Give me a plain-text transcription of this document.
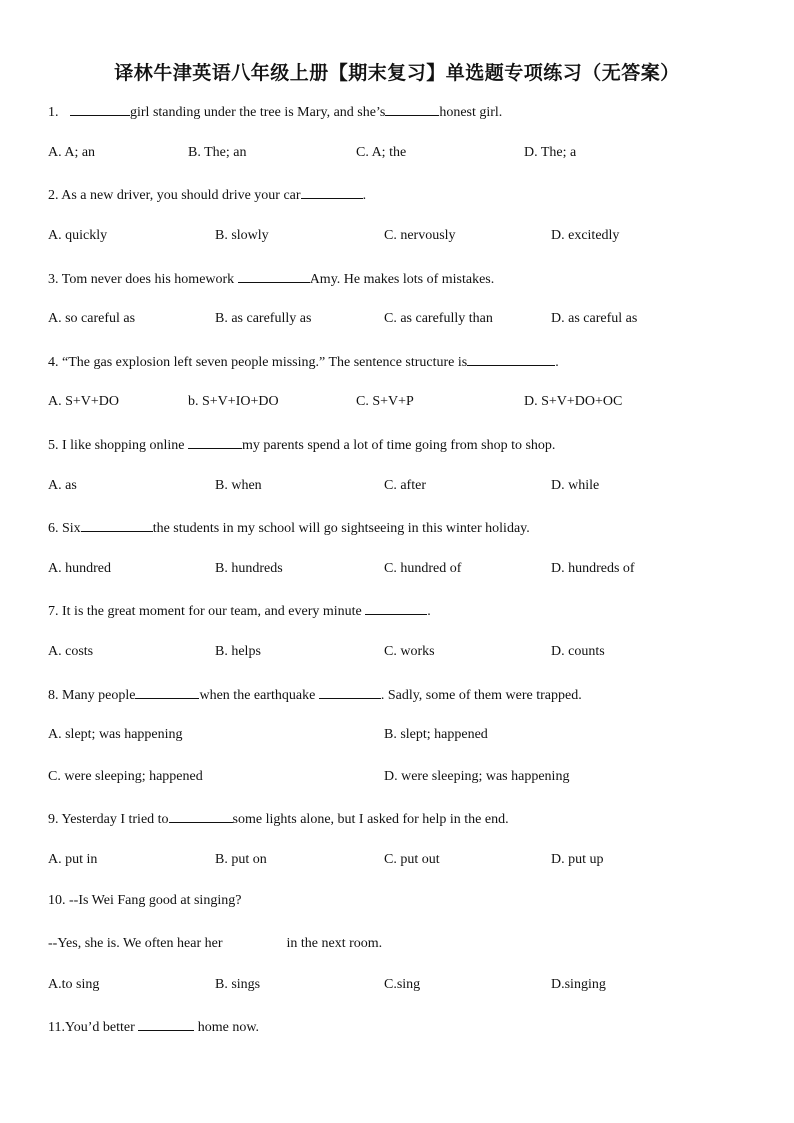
译林牛津英语八年级上册【期末复习】单选题专项练习（无答案）
1.	girl standing under the tree is Mary, and she’s	honest girl.
A. A; an	B. The; an	C. A; the	D. The; a
2. As a new driver, you should drive your car	.
A. quickly	B. slowly	C. nervously	D. excitedly
3. Tom never does his homework	Amy. He makes lots of mistakes.
A. so careful as	B. as carefully as	C. as carefully than	D. as careful as
4. “The gas explosion left seven people missing.” The sentence structure is	.
A. S+V+DO	b. S+V+IO+DO	C. S+V+P	D. S+V+DO+OC
5. I like shopping online	my parents spend a lot of time going from shop to shop.
A. as	B. when	C. after	D. while
6. Six	the students in my school will go sightseeing in this winter holiday.
A. hundred	B. hundreds	C. hundred of	D. hundreds of
7. It is the great moment for our team, and every minute	.
A. costs	B. helps	C. works	D. counts
8. Many people	when the earthquake	. Sadly, some of them were trapped.
A. slept; was happening	B. slept; happened
C. were sleeping; happened	D. were sleeping; was happening
9. Yesterday I tried to	some lights alone, but I asked for help in the end.
A. put in	B. put on	C. put out	D. put up
10. --Is Wei Fang good at singing?
--Yes, she is. We often hear her	in the next room.
A.to sing	B. sings	C.sing	D.singing
11.You’d better	home now.
